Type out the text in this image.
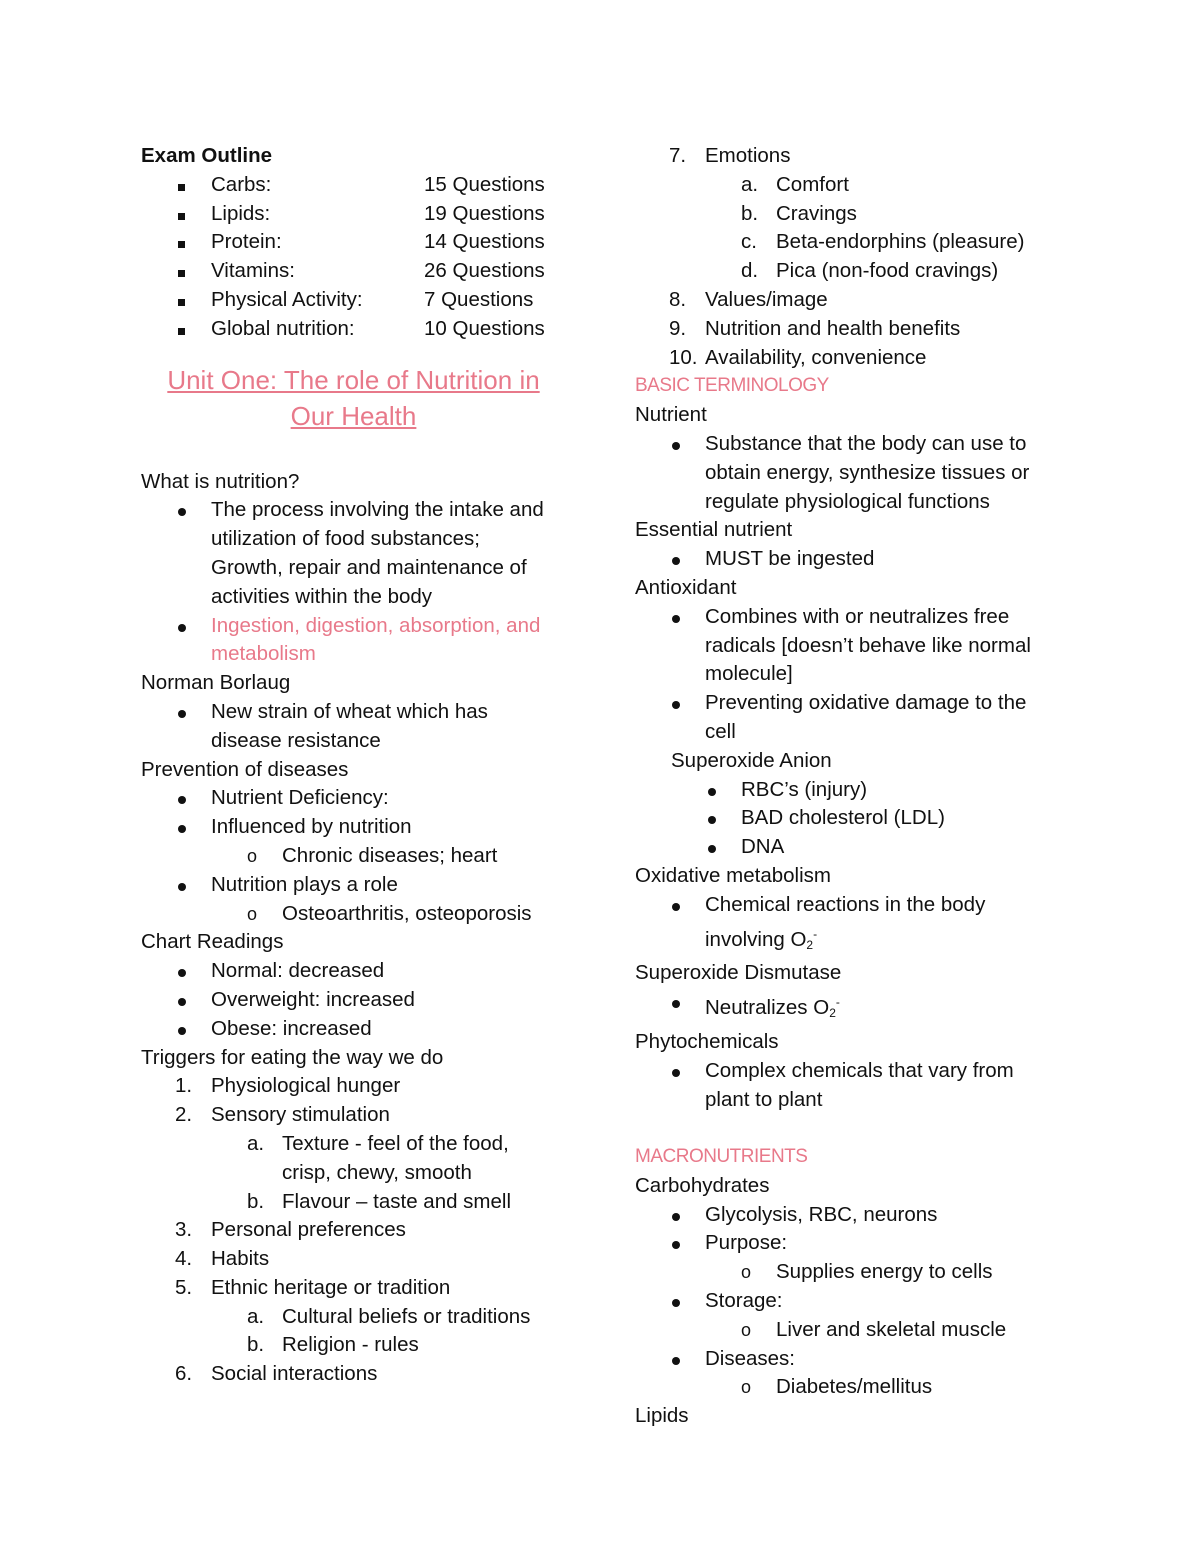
Exam Outline
Carbs:	15 Questions
Lipids:	19 Questions
Protein:	14 Questions
Vitamins:	26 Questions
Physical Activity:	7 Questions
Global nutrition:	10 Questions
Unit One: The role of Nutrition in
Our Health
What is nutrition?
The process involving the intake and
utilization of food substances;
Growth, repair and maintenance of
activities within the body
Ingestion, digestion, absorption, and
metabolism
Norman Borlaug
New strain of wheat which has
disease resistance
Prevention of diseases
Nutrient Deficiency:
Influenced by nutrition
o	Chronic diseases; heart
Nutrition plays a role
o	Osteoarthritis, osteoporosis
Chart Readings
Normal: decreased
Overweight: increased
Obese: increased
Triggers for eating the way we do
1. Physiological hunger
2. Sensory stimulation
a. Texture - feel of the food,
crisp, chewy, smooth
b. Flavour – taste and smell
3. Personal preferences
4. Habits
5. Ethnic heritage or tradition
a. Cultural beliefs or traditions
b. Religion - rules
6. Social interactions
7. Emotions
a. Comfort
b. Cravings
c. Beta-endorphins (pleasure)
d. Pica (non-food cravings)
8. Values/image
9. Nutrition and health benefits
10. Availability, convenience
BASIC TERMINOLOGY
Nutrient
Substance that the body can use to
obtain energy, synthesize tissues or
regulate physiological functions
Essential nutrient
MUST be ingested
Antioxidant
Combines with or neutralizes free
radicals [doesn’t behave like normal
molecule]
Preventing oxidative damage to the
cell
Superoxide Anion
RBC’s (injury)
BAD cholesterol (LDL)
DNA
Oxidative metabolism
Chemical reactions in the body
involving $O_2^-$
Superoxide Dismutase
Neutralizes $O_2^-$
Phytochemicals
Complex chemicals that vary from
plant to plant
MACRONUTRIENTS
Carbohydrates
Glycolysis, RBC, neurons
Purpose:
o	Supplies energy to cells
Storage:
o	Liver and skeletal muscle
Diseases:
o	Diabetes/mellitus
Lipids
